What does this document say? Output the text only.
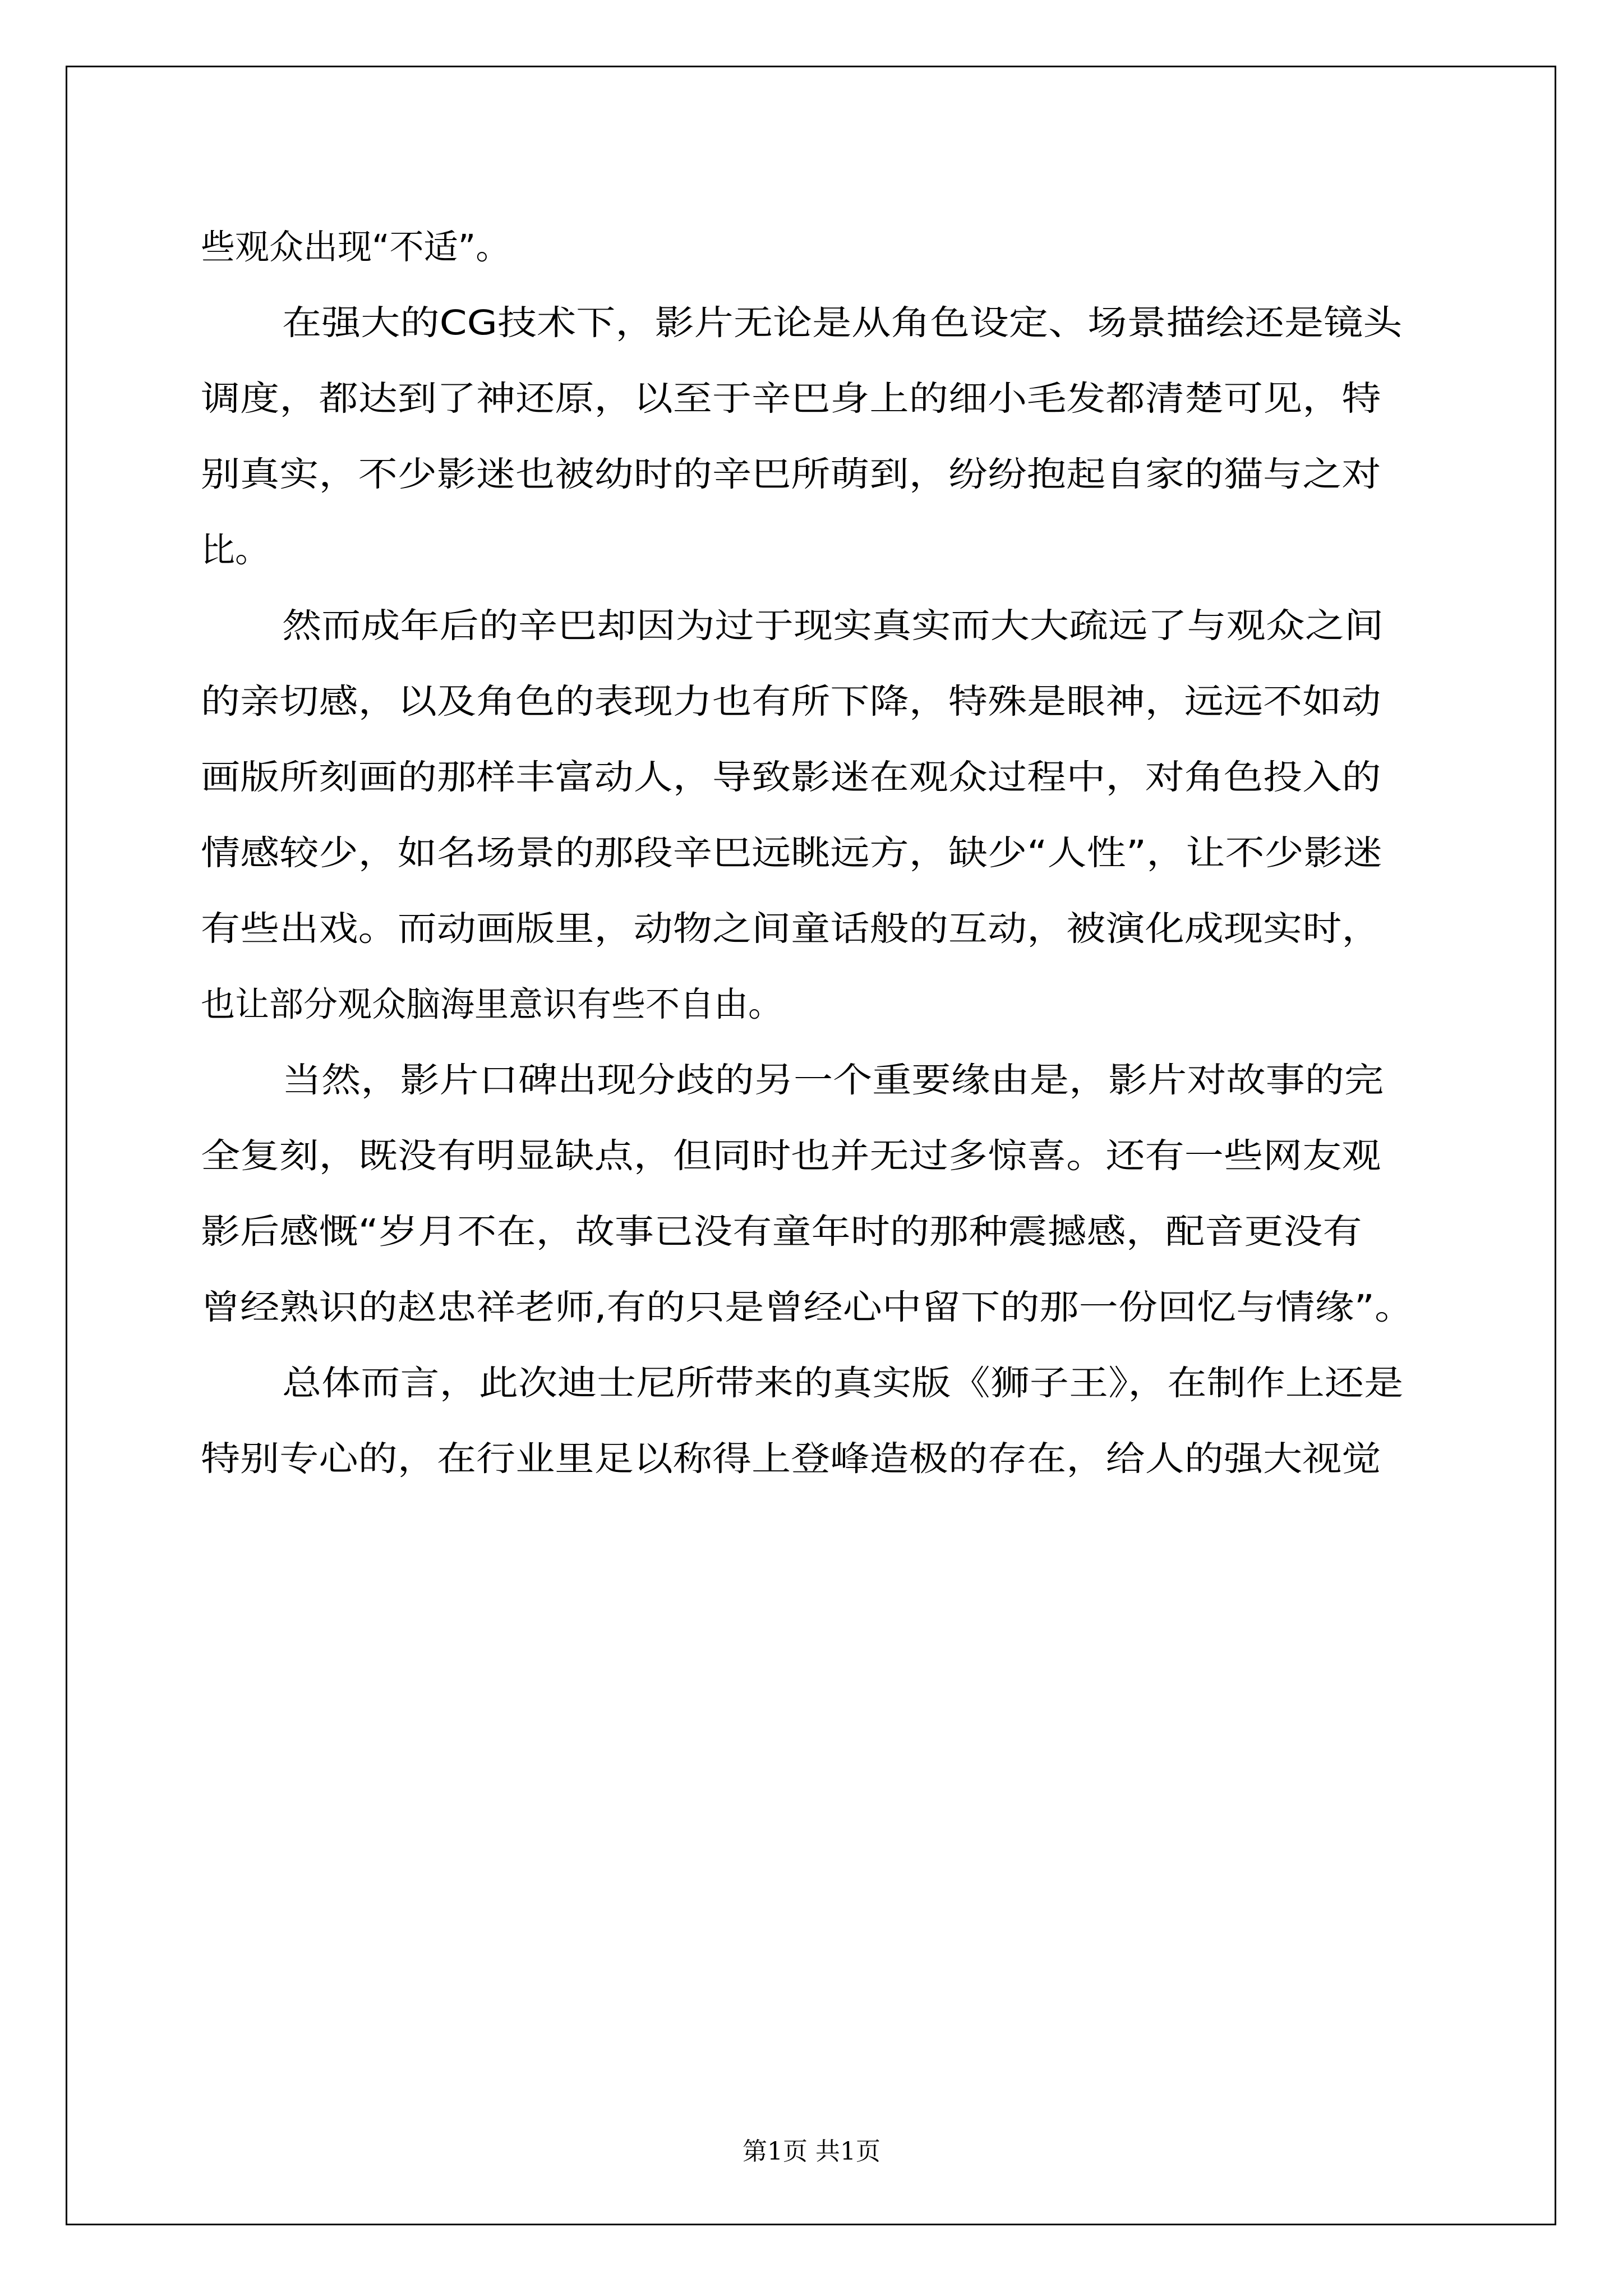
些观众出现“不适”。

在强大的CG技术下，影片无论是从角色设定、场景描绘还是镜头

调度，都达到了神还原，以至于辛巴身上的细小毛发都清楚可见，特

别真实，不少影迷也被幼时的辛巴所萌到，纷纷抱起自家的猫与之对

比。

然而成年后的辛巴却因为过于现实真实而大大疏远了与观众之间

的亲切感，以及角色的表现力也有所下降，特殊是眼神，远远不如动

画版所刻画的那样丰富动人，导致影迷在观众过程中，对角色投入的

情感较少，如名场景的那段辛巴远眺远方，缺少“人性”，让不少影迷

有些出戏。而动画版里，动物之间童话般的互动，被演化成现实时，

也让部分观众脑海里意识有些不自由。

当然，影片口碑出现分歧的另一个重要缘由是，影片对故事的完

全复刻，既没有明显缺点，但同时也并无过多惊喜。还有一些网友观

影后感慨“岁月不在，故事已没有童年时的那种震撼感，配音更没有

曾经熟识的赵忠祥老师,有的只是曾经心中留下的那一份回忆与情缘”。

总体而言，此次迪士尼所带来的真实版《狮子王》，在制作上还是

特别专心的，在行业里足以称得上登峰造极的存在，给人的强大视觉

第1页 共1页
